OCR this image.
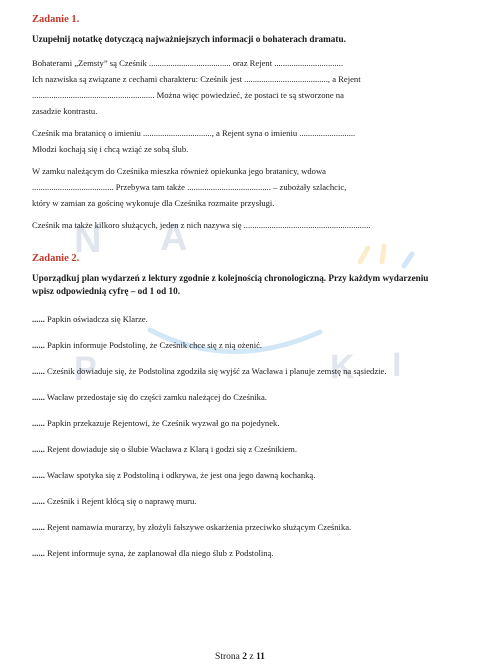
N A
P	K I
Zadanie 1.
Uzupełnij notatkę dotyczącą najważniejszych informacji o bohaterach dramatu.
Bohaterami „Zemsty” są Cześnik ...................................... oraz Rejent ................................
Ich nazwiska są związane z cechami charakteru: Cześnik jest ......................................., a Rejent
......................................................... Można więc powiedzieć, że postaci te są stworzone na
zasadzie kontrastu.
Cześnik ma bratanicę o imieniu ................................, a Rejent syna o imieniu ..........................
Młodzi kochają się i chcą wziąć ze sobą ślub.
W zamku należącym do Cześnika mieszka również opiekunka jego bratanicy, wdowa
...................................... Przebywa tam także ....................................... – zubożały szlachcic,
który w zamian za gościnę wykonuje dla Cześnika rozmaite przysługi.
Cześnik ma także kilkoro służących, jeden z nich nazywa się ...........................................................
Zadanie 2.
Uporządkuj plan wydarzeń z lektury zgodnie z kolejnością chronologiczną. Przy każdym wydarzeniu wpisz odpowiednią cyfrę – od 1 od 10.
...... Papkin oświadcza się Klarze.
...... Papkin informuje Podstolinę, że Cześnik chce się z nią ożenić.
...... Cześnik dowiaduje się, że Podstolina zgodziła się wyjść za Wacława i planuje zemstę na sąsiedzie.
...... Wacław przedostaje się do części zamku należącej do Cześnika.
...... Papkin przekazuje Rejentowi, że Cześnik wyzwał go na pojedynek.
...... Rejent dowiaduje się o ślubie Wacława z Klarą i godzi się z Cześnikiem.
...... Wacław spotyka się z Podstoliną i odkrywa, że jest ona jego dawną kochanką.
...... Cześnik i Rejent kłócą się o naprawę muru.
...... Rejent namawia murarzy, by złożyli fałszywe oskarżenia przeciwko służącym Cześnika.
...... Rejent informuje syna, że zaplanował dla niego ślub z Podstoliną.
Strona 2 z 11
